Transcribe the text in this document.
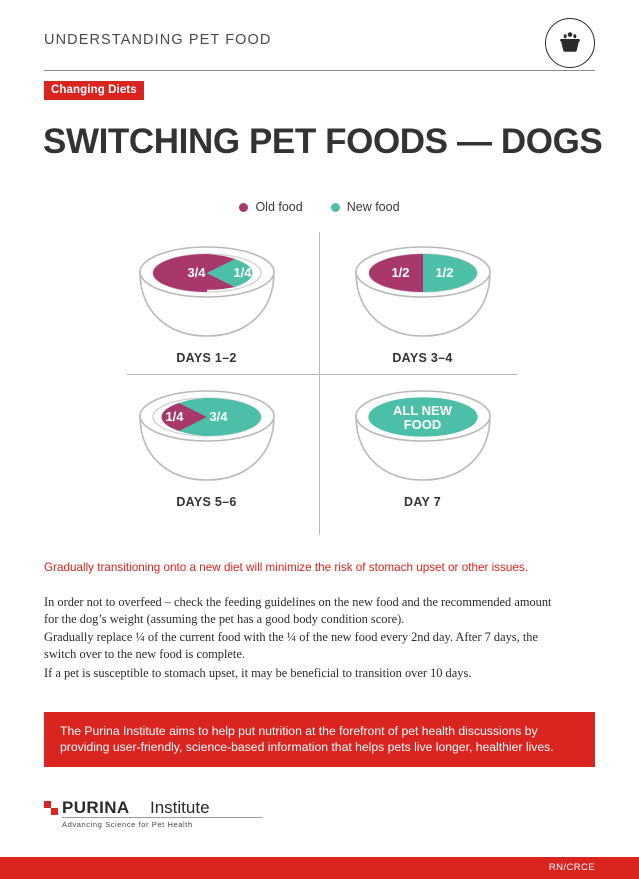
UNDERSTANDING PET FOOD
Changing Diets
SWITCHING PET FOODS — DOGS
Old food	New food
3/4	1/4
DAYS 1–2
1/2	1/2
DAYS 3–4
1/4	3/4
DAYS 5–6
ALL NEW FOOD
DAY 7
Gradually transitioning onto a new diet will minimize the risk of stomach upset or other issues.
In order not to overfeed – check the feeding guidelines on the new food and the recommended amount for the dog’s weight (assuming the pet has a good body condition score).
Gradually replace ¼ of the current food with the ¼ of the new food every 2nd day. After 7 days, the switch over to the new food is complete.
If a pet is susceptible to stomach upset, it may be beneficial to transition over 10 days.
The Purina Institute aims to help put nutrition at the forefront of pet health discussions by providing user-friendly, science-based information that helps pets live longer, healthier lives.
PURINA Institute
Advancing Science for Pet Health
RN/CRCE
